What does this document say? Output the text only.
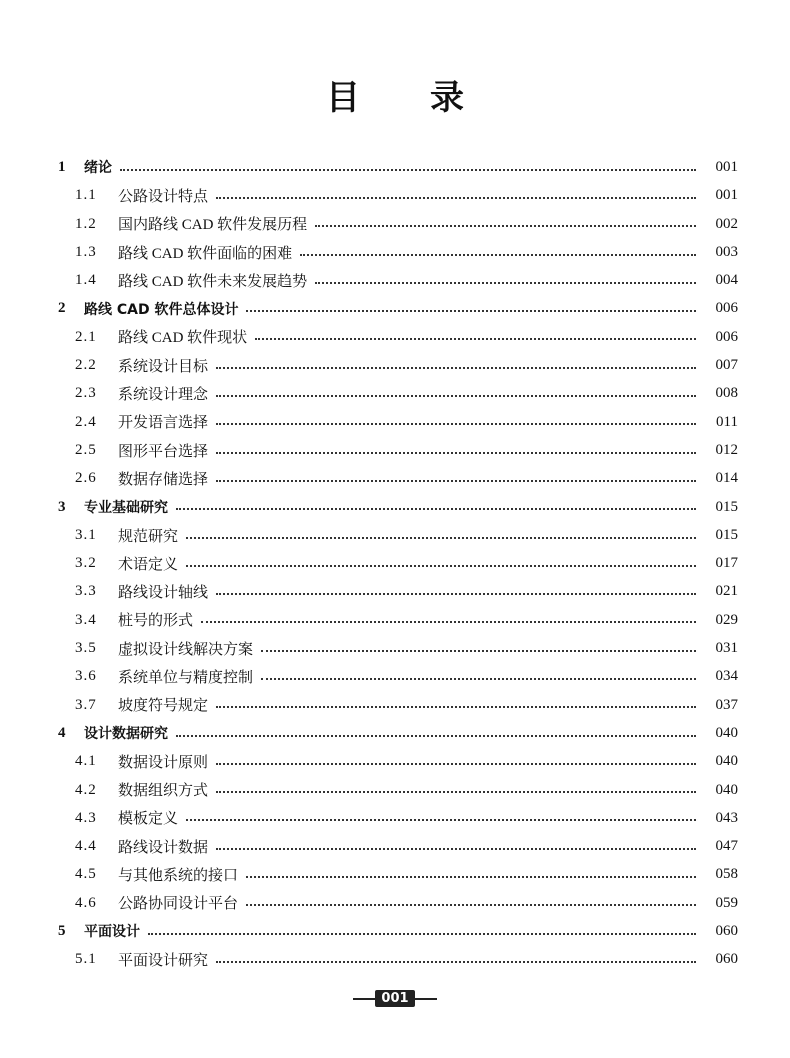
目 录
1 绪论	001
1.1 公路设计特点	001
1.2 国内路线 CAD 软件发展历程	002
1.3 路线 CAD 软件面临的困难	003
1.4 路线 CAD 软件未来发展趋势	004
2 路线 CAD 软件总体设计	006
2.1 路线 CAD 软件现状	006
2.2 系统设计目标	007
2.3 系统设计理念	008
2.4 开发语言选择	011
2.5 图形平台选择	012
2.6 数据存储选择	014
3 专业基础研究	015
3.1 规范研究	015
3.2 术语定义	017
3.3 路线设计轴线	021
3.4 桩号的形式	029
3.5 虚拟设计线解决方案	031
3.6 系统单位与精度控制	034
3.7 坡度符号规定	037
4 设计数据研究	040
4.1 数据设计原则	040
4.2 数据组织方式	040
4.3 模板定义	043
4.4 路线设计数据	047
4.5 与其他系统的接口	058
4.6 公路协同设计平台	059
5 平面设计	060
5.1 平面设计研究	060
001
